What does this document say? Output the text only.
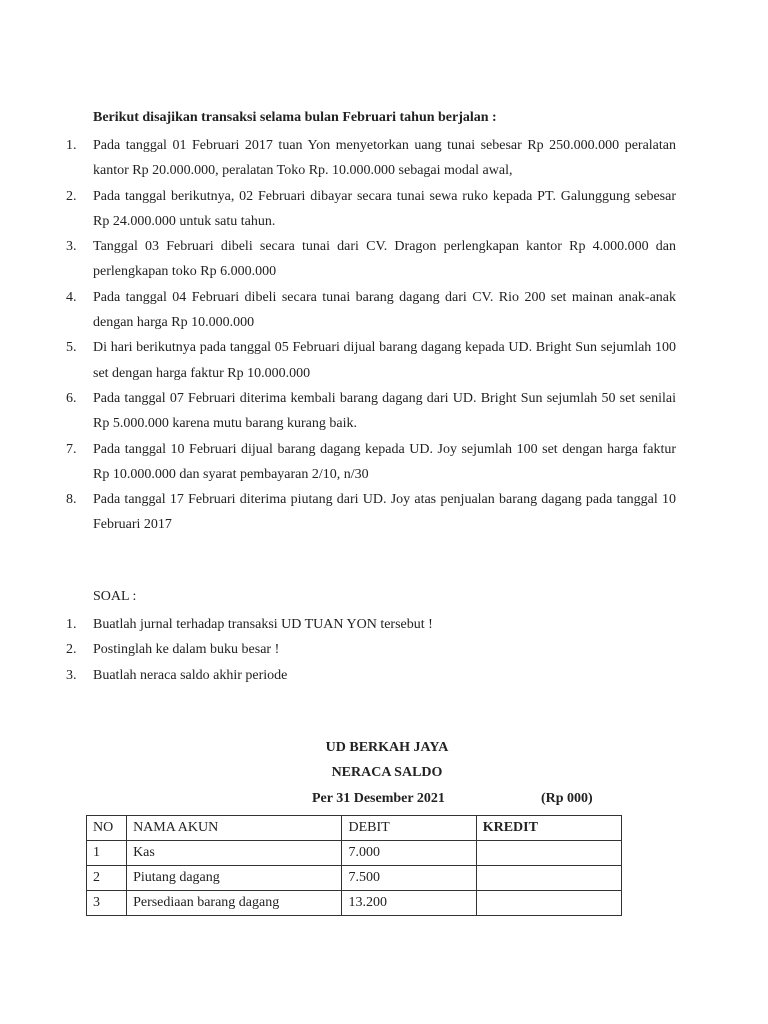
Berikut disajikan transaksi selama bulan Februari tahun berjalan :
1. Pada tanggal 01 Februari 2017 tuan Yon menyetorkan uang tunai sebesar Rp 250.000.000 peralatan kantor Rp 20.000.000, peralatan Toko Rp. 10.000.000 sebagai modal awal,
2. Pada tanggal berikutnya, 02 Februari dibayar secara tunai sewa ruko kepada PT. Galunggung sebesar Rp 24.000.000 untuk satu tahun.
3. Tanggal 03 Februari dibeli secara tunai dari CV. Dragon perlengkapan kantor Rp 4.000.000 dan perlengkapan toko Rp 6.000.000
4. Pada tanggal 04 Februari dibeli secara tunai barang dagang dari CV. Rio 200 set mainan anak-anak dengan harga Rp 10.000.000
5. Di hari berikutnya pada tanggal 05 Februari dijual barang dagang kepada UD. Bright Sun sejumlah 100 set dengan harga faktur Rp 10.000.000
6. Pada tanggal 07 Februari diterima kembali barang dagang dari UD. Bright Sun sejumlah 50 set senilai Rp 5.000.000 karena mutu barang kurang baik.
7. Pada tanggal 10 Februari dijual barang dagang kepada UD. Joy sejumlah 100 set dengan harga faktur Rp 10.000.000 dan syarat pembayaran 2/10, n/30
8. Pada tanggal 17 Februari diterima piutang dari UD. Joy atas penjualan barang dagang pada tanggal 10 Februari 2017
SOAL :
1. Buatlah jurnal terhadap transaksi UD TUAN YON tersebut !
2. Postinglah ke dalam buku besar !
3. Buatlah neraca saldo akhir periode
UD BERKAH JAYA
NERACA SALDO
Per 31 Desember 2021	(Rp 000)
NO	NAMA AKUN	DEBIT	KREDIT
1	Kas	7.000	
2	Piutang dagang	7.500	
3	Persediaan barang dagang	13.200	
